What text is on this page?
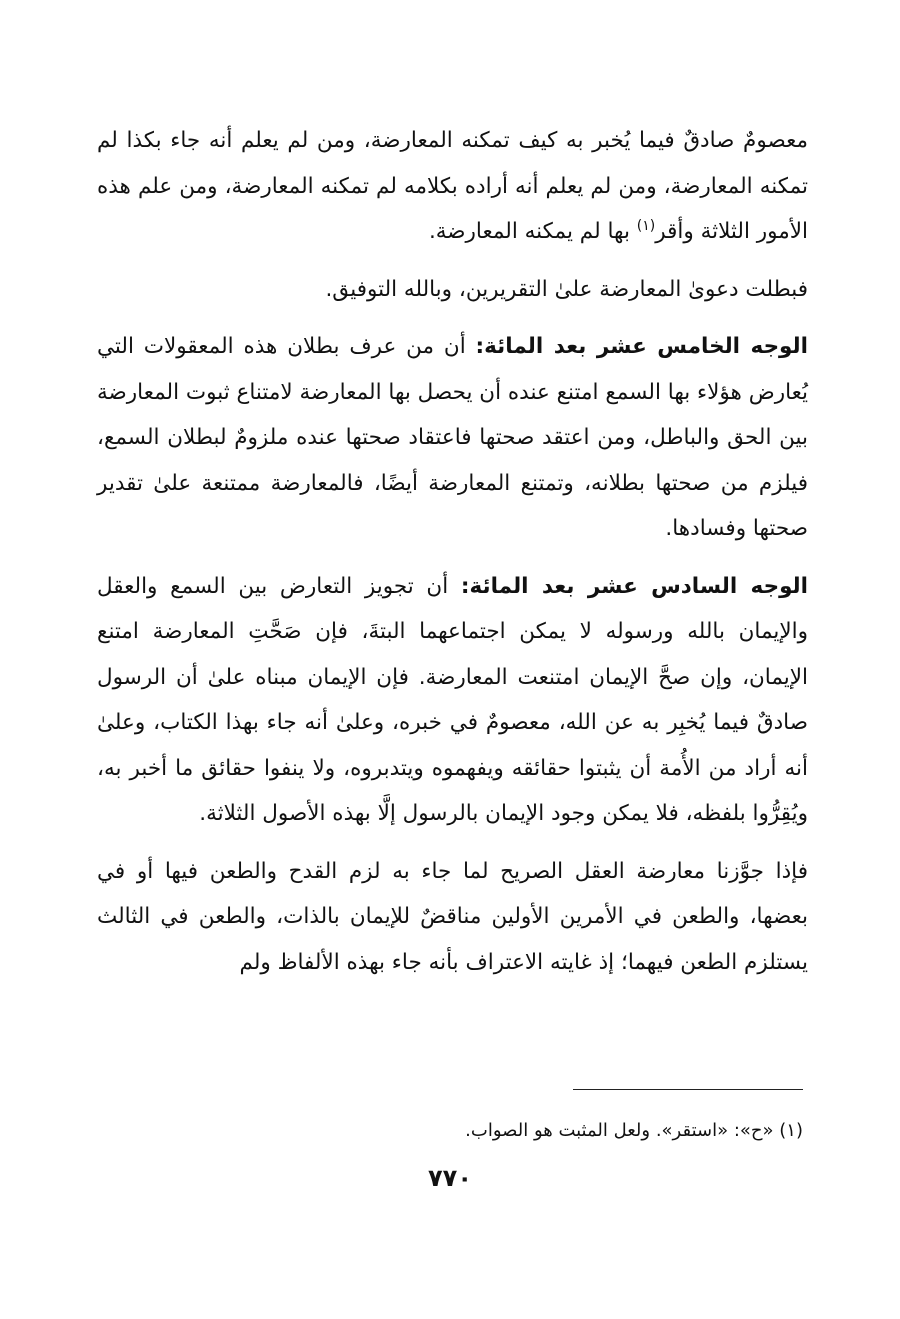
معصومٌ صادقٌ فيما يُخبر به كيف تمكنه المعارضة، ومن لم يعلم أنه جاء بكذا لم تمكنه المعارضة، ومن لم يعلم أنه أراده بكلامه لم تمكنه المعارضة، ومن علم هذه الأمور الثلاثة وأقر$^{(١)}$ بها لم يمكنه المعارضة.

فبطلت دعوىٰ المعارضة علىٰ التقريرين، وبالله التوفيق.

الوجه الخامس عشر بعد المائة: أن من عرف بطلان هذه المعقولات التي يُعارض هؤلاء بها السمع امتنع عنده أن يحصل بها المعارضة لامتناع ثبوت المعارضة بين الحق والباطل، ومن اعتقد صحتها فاعتقاد صحتها عنده ملزومٌ لبطلان السمع، فيلزم من صحتها بطلانه، وتمتنع المعارضة أيضًا، فالمعارضة ممتنعة علىٰ تقدير صحتها وفسادها.

الوجه السادس عشر بعد المائة: أن تجويز التعارض بين السمع والعقل والإيمان بالله ورسوله لا يمكن اجتماعهما البتةَ، فإن صَحَّتِ المعارضة امتنع الإيمان، وإن صحَّ الإيمان امتنعت المعارضة. فإن الإيمان مبناه علىٰ أن الرسول صادقٌ فيما يُخبِر به عن الله، معصومٌ في خبره، وعلىٰ أنه جاء بهذا الكتاب، وعلىٰ أنه أراد من الأُمة أن يثبتوا حقائقه ويفهموه ويتدبروه، ولا ينفوا حقائق ما أخبر به، ويُقِرُّوا بلفظه، فلا يمكن وجود الإيمان بالرسول إلَّا بهذه الأصول الثلاثة.

فإذا جوَّزنا معارضة العقل الصريح لما جاء به لزم القدح والطعن فيها أو في بعضها، والطعن في الأمرين الأولين مناقضٌ للإيمان بالذات، والطعن في الثالث يستلزم الطعن فيهما؛ إذ غايته الاعتراف بأنه جاء بهذه الألفاظ ولم

(١) «ح»: «استقر». ولعل المثبت هو الصواب.
٧٧٠
